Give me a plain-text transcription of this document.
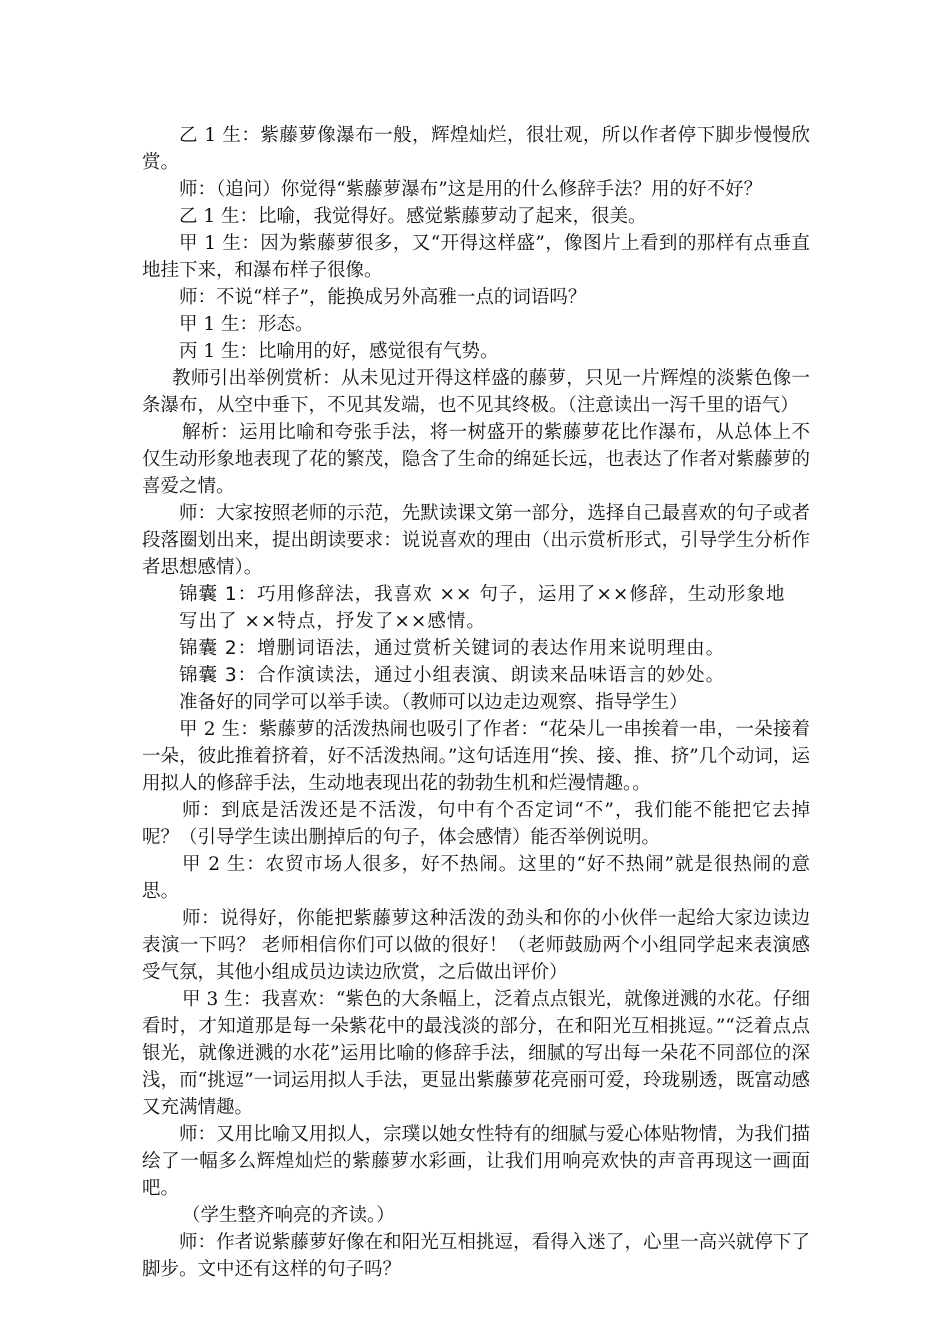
乙 1 生：紫藤萝像瀑布一般，辉煌灿烂，很壮观，所以作者停下脚步慢慢欣赏。

师：（追问）你觉得“紫藤萝瀑布”这是用的什么修辞手法？用的好不好？

乙 1 生：比喻，我觉得好。感觉紫藤萝动了起来，很美。

甲 1 生：因为紫藤萝很多，又“开得这样盛”，像图片上看到的那样有点垂直地挂下来，和瀑布样子很像。

师：不说“样子”，能换成另外高雅一点的词语吗？

甲 1 生：形态。

丙 1 生：比喻用的好，感觉很有气势。

教师引出举例赏析：从未见过开得这样盛的藤萝，只见一片辉煌的淡紫色像一条瀑布，从空中垂下，不见其发端，也不见其终极。（注意读出一泻千里的语气）

解析：运用比喻和夸张手法，将一树盛开的紫藤萝花比作瀑布，从总体上不仅生动形象地表现了花的繁茂，隐含了生命的绵延长远，也表达了作者对紫藤萝的喜爱之情。

师：大家按照老师的示范，先默读课文第一部分，选择自己最喜欢的句子或者段落圈划出来，提出朗读要求：说说喜欢的理由（出示赏析形式，引导学生分析作者思想感情）。

锦囊 1：巧用修辞法，我喜欢 ×× 句子，运用了××修辞，生动形象地

写出了 ××特点，抒发了××感情。

锦囊 2：增删词语法，通过赏析关键词的表达作用来说明理由。

锦囊 3：合作演读法，通过小组表演、朗读来品味语言的妙处。

准备好的同学可以举手读。（教师可以边走边观察、指导学生）

甲 2 生：紫藤萝的活泼热闹也吸引了作者：“花朵儿一串挨着一串，一朵接着一朵，彼此推着挤着，好不活泼热闹。”这句话连用“挨、接、推、挤”几个动词，运用拟人的修辞手法，生动地表现出花的勃勃生机和烂漫情趣。。

师：到底是活泼还是不活泼，句中有个否定词“不”，我们能不能把它去掉呢？（引导学生读出删掉后的句子，体会感情）能否举例说明。

甲 2 生：农贸市场人很多，好不热闹。这里的“好不热闹”就是很热闹的意思。

师：说得好，你能把紫藤萝这种活泼的劲头和你的小伙伴一起给大家边读边表演一下吗？ 老师相信你们可以做的很好！（老师鼓励两个小组同学起来表演感受气氛，其他小组成员边读边欣赏，之后做出评价）

甲 3 生：我喜欢：“紫色的大条幅上，泛着点点银光，就像迸溅的水花。仔细看时，才知道那是每一朵紫花中的最浅淡的部分，在和阳光互相挑逗。”“泛着点点银光，就像迸溅的水花”运用比喻的修辞手法，细腻的写出每一朵花不同部位的深浅，而“挑逗”一词运用拟人手法，更显出紫藤萝花亮丽可爱，玲珑剔透，既富动感又充满情趣。

师：又用比喻又用拟人，宗璞以她女性特有的细腻与爱心体贴物情，为我们描绘了一幅多么辉煌灿烂的紫藤萝水彩画，让我们用响亮欢快的声音再现这一画面吧。

（学生整齐响亮的齐读。）

师：作者说紫藤萝好像在和阳光互相挑逗，看得入迷了，心里一高兴就停下了脚步。文中还有这样的句子吗？
